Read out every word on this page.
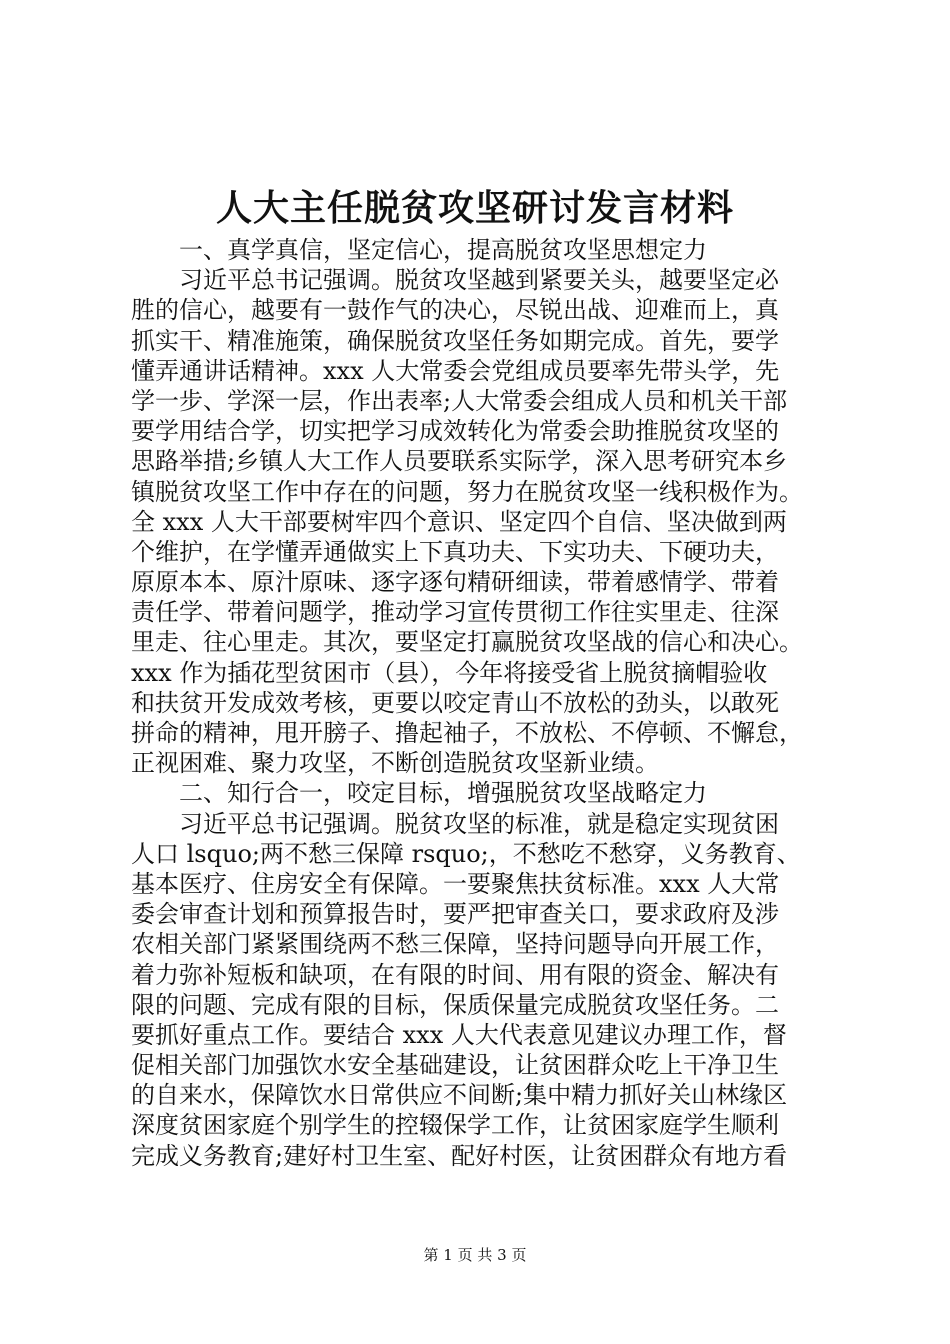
人大主任脱贫攻坚研讨发言材料
　　一、真学真信，坚定信心，提高脱贫攻坚思想定力
　　习近平总书记强调。脱贫攻坚越到紧要关头，越要坚定必
胜的信心，越要有一鼓作气的决心，尽锐出战、迎难而上，真
抓实干、精准施策，确保脱贫攻坚任务如期完成。首先，要学
懂弄通讲话精神。xxx 人大常委会党组成员要率先带头学，先
学一步、学深一层，作出表率;人大常委会组成人员和机关干部
要学用结合学，切实把学习成效转化为常委会助推脱贫攻坚的
思路举措;乡镇人大工作人员要联系实际学，深入思考研究本乡
镇脱贫攻坚工作中存在的问题，努力在脱贫攻坚一线积极作为。
全 xxx 人大干部要树牢四个意识、坚定四个自信、坚决做到两
个维护，在学懂弄通做实上下真功夫、下实功夫、下硬功夫，
原原本本、原汁原味、逐字逐句精研细读，带着感情学、带着
责任学、带着问题学，推动学习宣传贯彻工作往实里走、往深
里走、往心里走。其次，要坚定打赢脱贫攻坚战的信心和决心。
xxx 作为插花型贫困市（县），今年将接受省上脱贫摘帽验收
和扶贫开发成效考核，更要以咬定青山不放松的劲头，以敢死
拼命的精神，甩开膀子、撸起袖子，不放松、不停顿、不懈怠，
正视困难、聚力攻坚，不断创造脱贫攻坚新业绩。
　　二、知行合一，咬定目标，增强脱贫攻坚战略定力
　　习近平总书记强调。脱贫攻坚的标准，就是稳定实现贫困
人口 lsquo;两不愁三保障 rsquo;，不愁吃不愁穿，义务教育、
基本医疗、住房安全有保障。一要聚焦扶贫标准。xxx 人大常
委会审查计划和预算报告时，要严把审查关口，要求政府及涉
农相关部门紧紧围绕两不愁三保障，坚持问题导向开展工作，
着力弥补短板和缺项，在有限的时间、用有限的资金、解决有
限的问题、完成有限的目标，保质保量完成脱贫攻坚任务。二
要抓好重点工作。要结合 xxx 人大代表意见建议办理工作，督
促相关部门加强饮水安全基础建设，让贫困群众吃上干净卫生
的自来水，保障饮水日常供应不间断;集中精力抓好关山林缘区
深度贫困家庭个别学生的控辍保学工作，让贫困家庭学生顺利
完成义务教育;建好村卫生室、配好村医，让贫困群众有地方看
第 1 页 共 3 页
